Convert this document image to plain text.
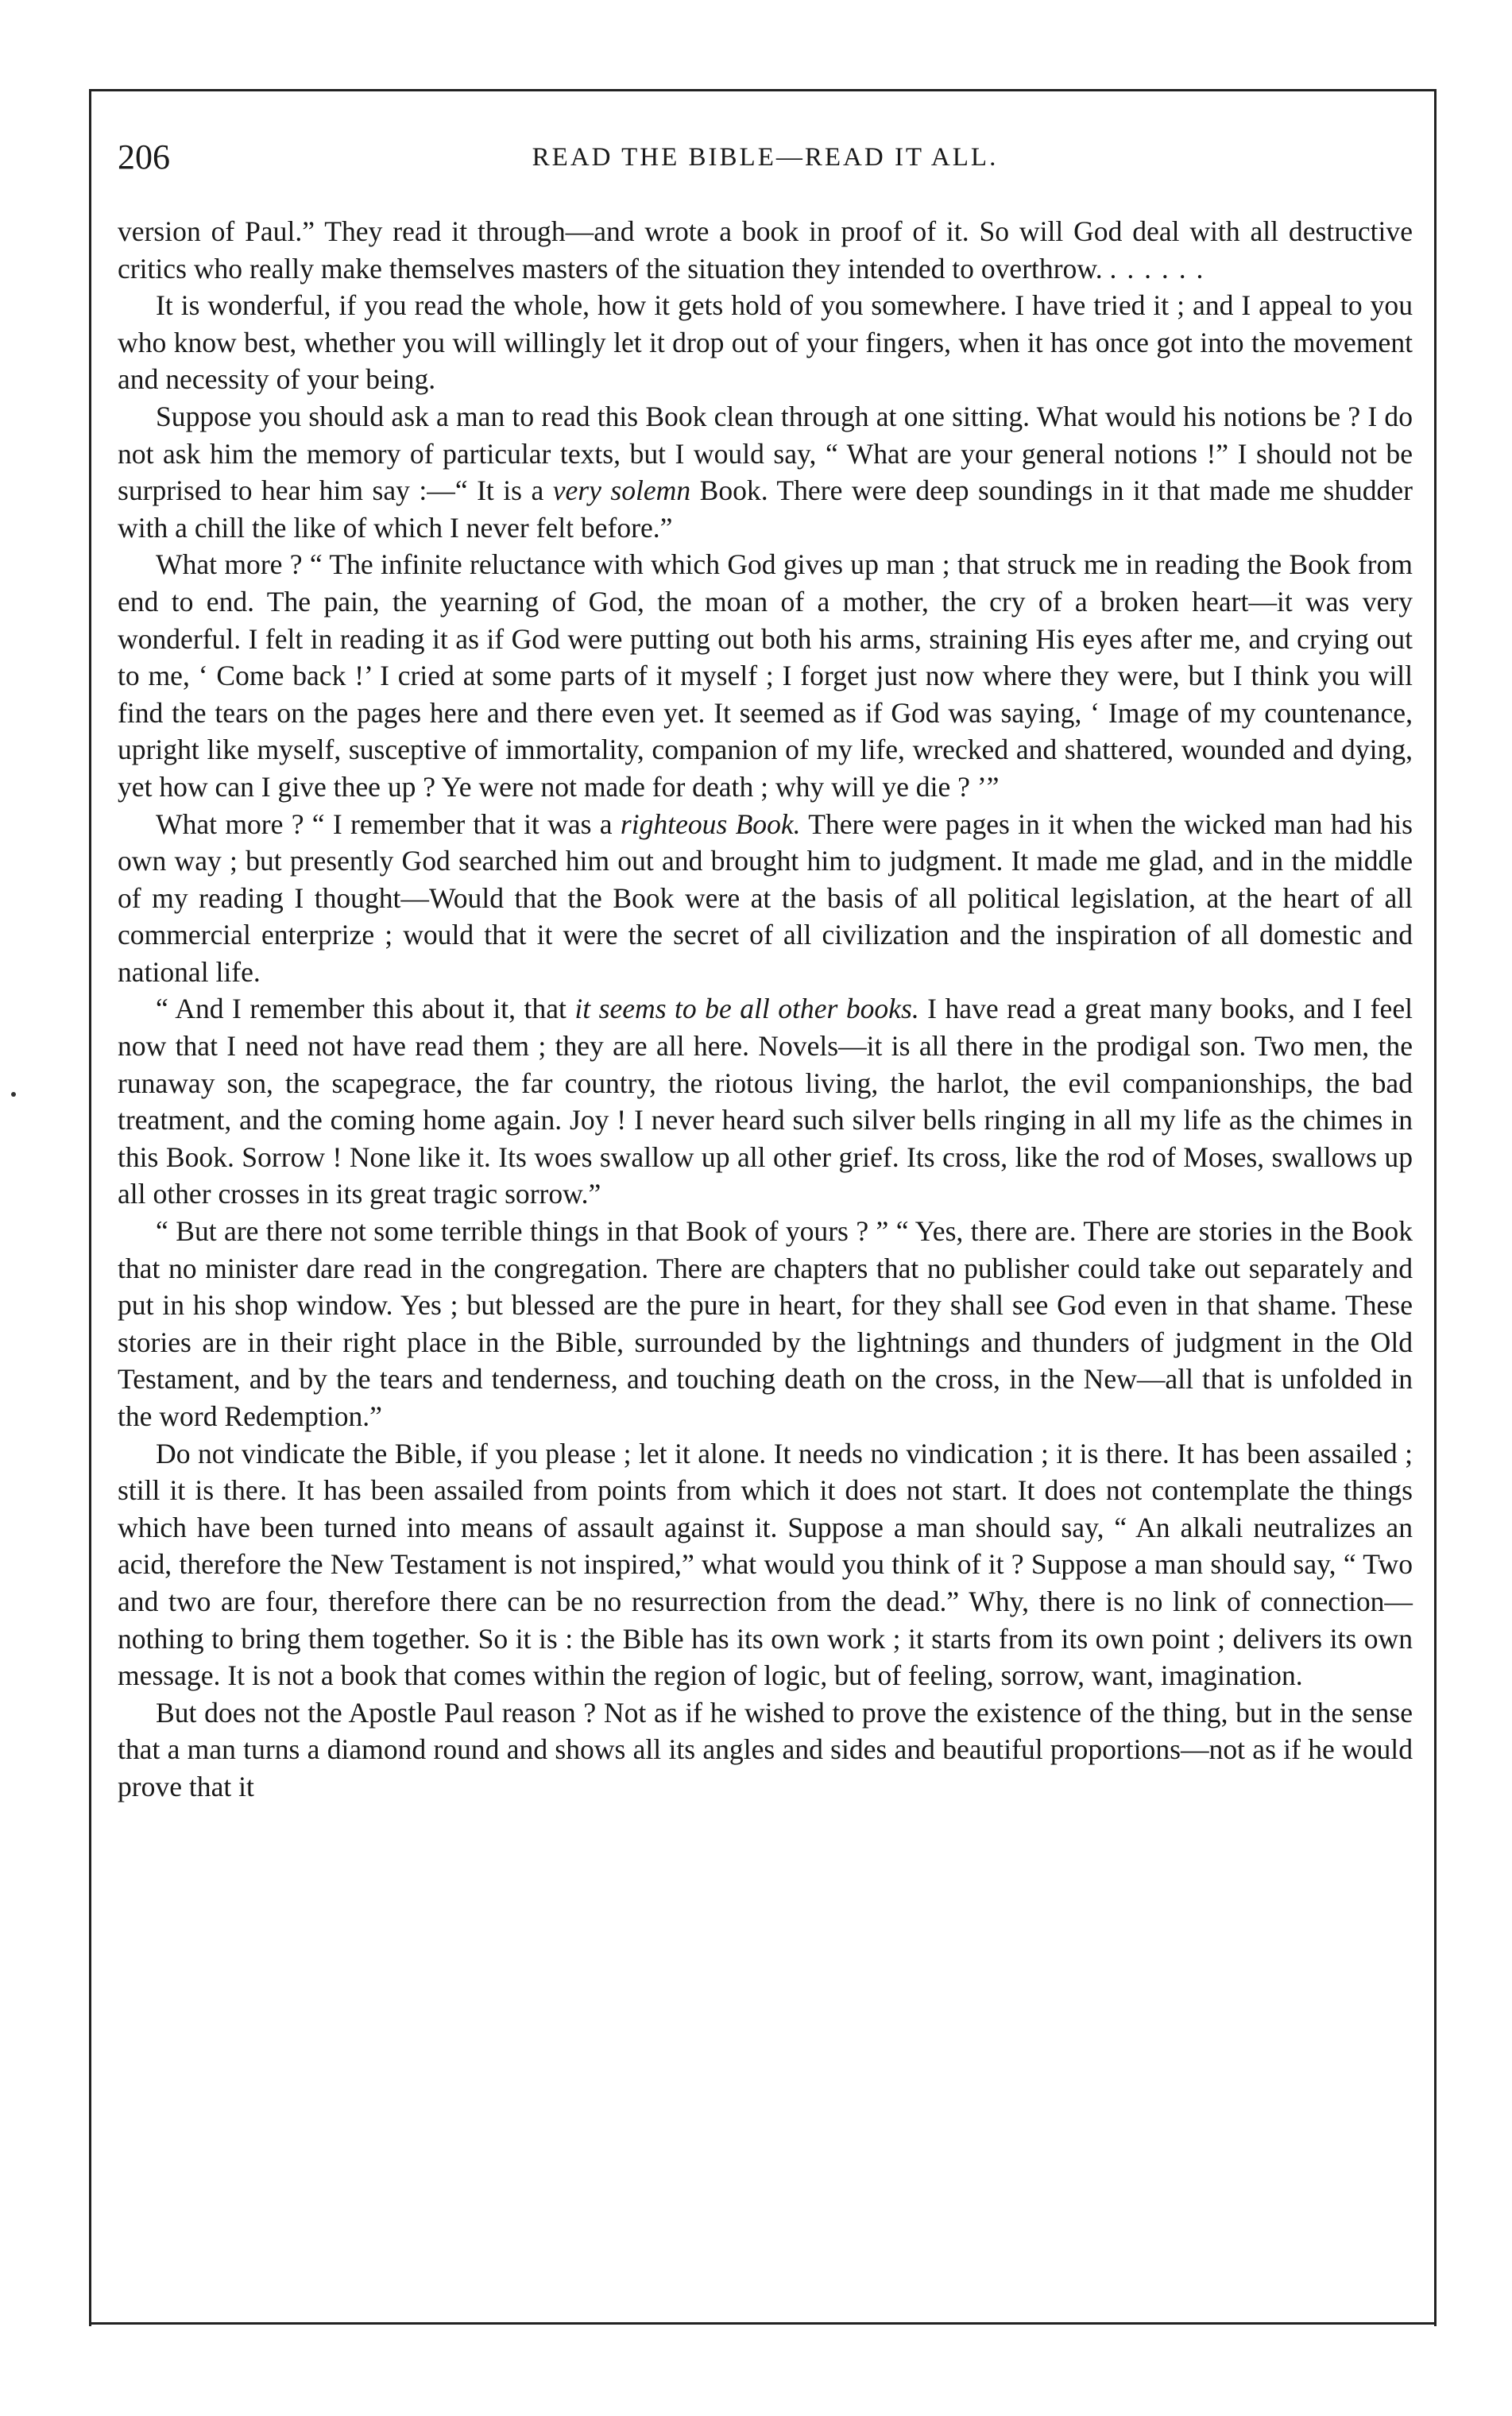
206	READ THE BIBLE—READ IT ALL.

version of Paul.” They read it through—and wrote a book in proof of it. So will God deal with all destructive critics who really make themselves masters of the situation they intended to overthrow. . . . . . .

It is wonderful, if you read the whole, how it gets hold of you somewhere. I have tried it ; and I appeal to you who know best, whether you will willingly let it drop out of your fingers, when it has once got into the movement and necessity of your being.

Suppose you should ask a man to read this Book clean through at one sitting. What would his notions be ? I do not ask him the memory of particular texts, but I would say, “ What are your general notions !” I should not be surprised to hear him say :—“ It is a very solemn Book. There were deep soundings in it that made me shudder with a chill the like of which I never felt before.”

What more ? “ The infinite reluctance with which God gives up man ; that struck me in reading the Book from end to end. The pain, the yearning of God, the moan of a mother, the cry of a broken heart—it was very wonderful. I felt in reading it as if God were putting out both his arms, straining His eyes after me, and crying out to me, ‘ Come back !’ I cried at some parts of it myself ; I forget just now where they were, but I think you will find the tears on the pages here and there even yet. It seemed as if God was saying, ‘ Image of my countenance, upright like myself, susceptive of immortality, companion of my life, wrecked and shattered, wounded and dying, yet how can I give thee up ? Ye were not made for death ; why will ye die ? ’”

What more ? “ I remember that it was a righteous Book. There were pages in it when the wicked man had his own way ; but presently God searched him out and brought him to judgment. It made me glad, and in the middle of my reading I thought—Would that the Book were at the basis of all political legislation, at the heart of all commercial enterprize ; would that it were the secret of all civilization and the inspiration of all domestic and national life.

“ And I remember this about it, that it seems to be all other books. I have read a great many books, and I feel now that I need not have read them ; they are all here. Novels—it is all there in the prodigal son. Two men, the runaway son, the scapegrace, the far country, the riotous living, the harlot, the evil companionships, the bad treatment, and the coming home again. Joy ! I never heard such silver bells ringing in all my life as the chimes in this Book. Sorrow ! None like it. Its woes swallow up all other grief. Its cross, like the rod of Moses, swallows up all other crosses in its great tragic sorrow.”

“ But are there not some terrible things in that Book of yours ? ” “ Yes, there are. There are stories in the Book that no minister dare read in the congregation. There are chapters that no publisher could take out separately and put in his shop window. Yes ; but blessed are the pure in heart, for they shall see God even in that shame. These stories are in their right place in the Bible, surrounded by the lightnings and thunders of judgment in the Old Testament, and by the tears and tenderness, and touching death on the cross, in the New—all that is unfolded in the word Redemption.”

Do not vindicate the Bible, if you please ; let it alone. It needs no vindication ; it is there. It has been assailed ; still it is there. It has been assailed from points from which it does not start. It does not contemplate the things which have been turned into means of assault against it. Suppose a man should say, “ An alkali neutralizes an acid, therefore the New Testament is not inspired,” what would you think of it ? Suppose a man should say, “ Two and two are four, therefore there can be no resurrection from the dead.” Why, there is no link of connection—nothing to bring them together. So it is : the Bible has its own work ; it starts from its own point ; delivers its own message. It is not a book that comes within the region of logic, but of feeling, sorrow, want, imagination.

But does not the Apostle Paul reason ? Not as if he wished to prove the existence of the thing, but in the sense that a man turns a diamond round and shows all its angles and sides and beautiful proportions—not as if he would prove that it
